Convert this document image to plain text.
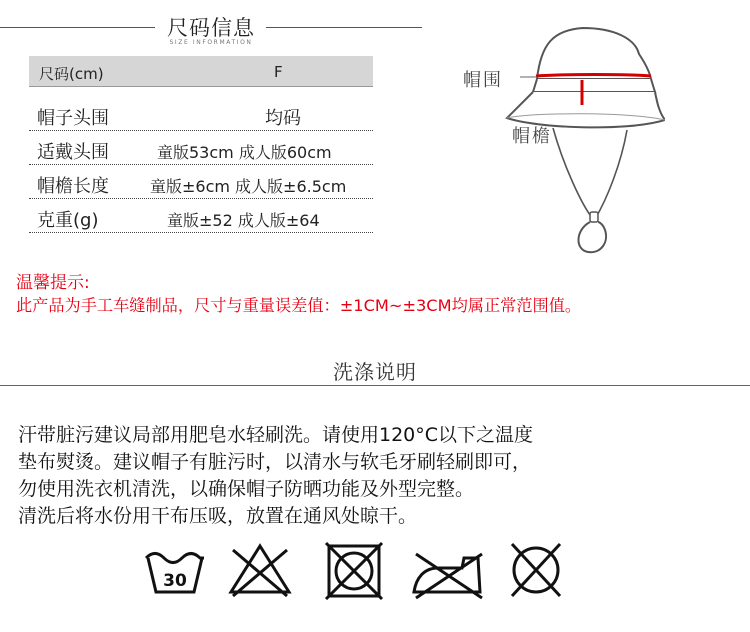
尺码信息
SIZE INFORMATION
尺码(cm)	F
帽子头围	均码
适戴头围	童版53cm 成人版60cm
帽檐长度	童版±6cm 成人版±6.5cm
克重(g)	童版±52 成人版±64
帽围
帽檐
温馨提示:
此产品为手工车缝制品，尺寸与重量误差值：±1CM~±3CM均属正常范围值。
洗涤说明
汗带脏污建议局部用肥皂水轻刷洗。请使用120°C以下之温度
垫布熨烫。建议帽子有脏污时，以清水与软毛牙刷轻刷即可，
勿使用洗衣机清洗，以确保帽子防晒功能及外型完整。
清洗后将水份用干布压吸，放置在通风处晾干。
30
